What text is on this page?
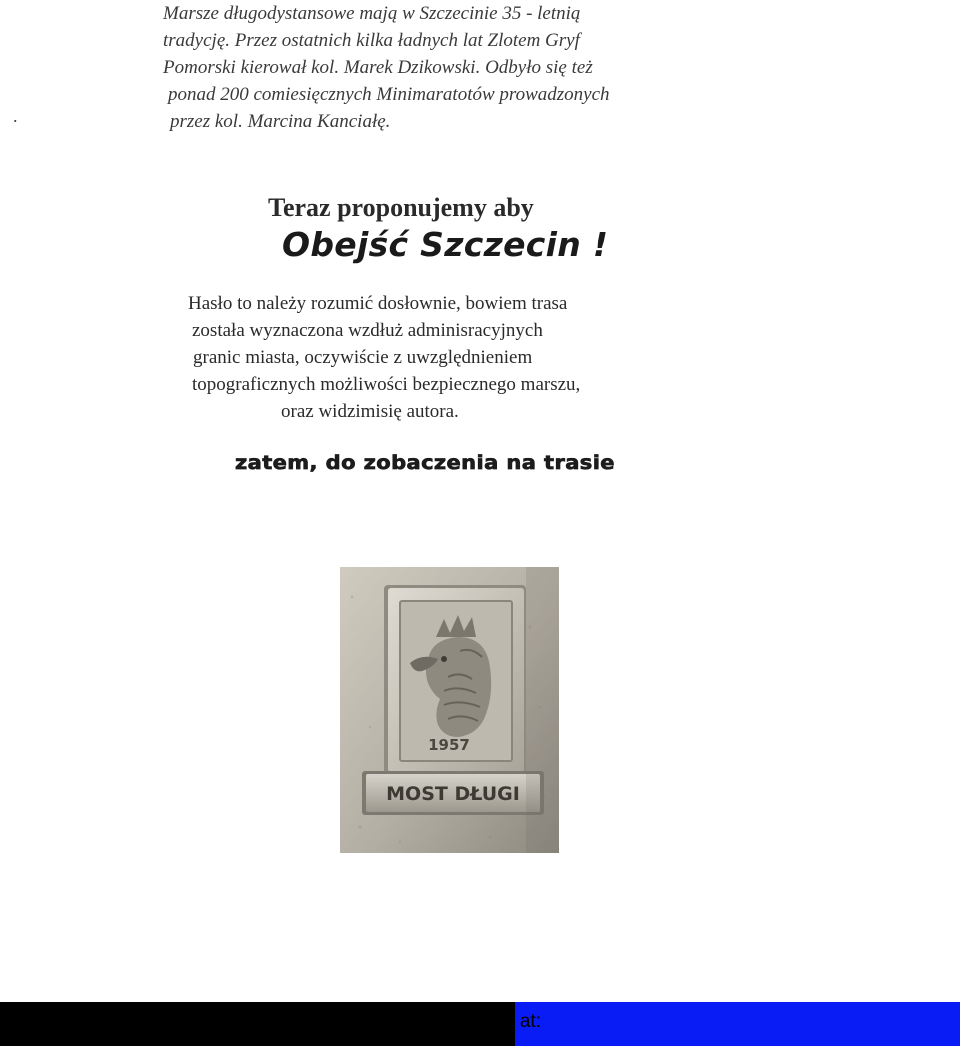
Marsze długodystansowe mają w Szczecinie 35 - letnią
tradycję. Przez ostatnich kilka ładnych lat Zlotem Gryf
Pomorski kierował kol. Marek Dzikowski. Odbyło się też
ponad 200 comiesięcznych Minimaratotów prowadzonych
przez kol. Marcina Kanciałę.
.
Teraz proponujemy aby
Obejść Szczecin !
Hasło to należy rozumić dosłownie, bowiem trasa
została wyznaczona wzdłuż adminisracyjnych
granic miasta, oczywiście z uwzględnieniem
topograficznych możliwości bezpiecznego marszu,
oraz widzimisię autora.
zatem, do zobaczenia na trasie
1957
MOST DŁUGI
e at:
